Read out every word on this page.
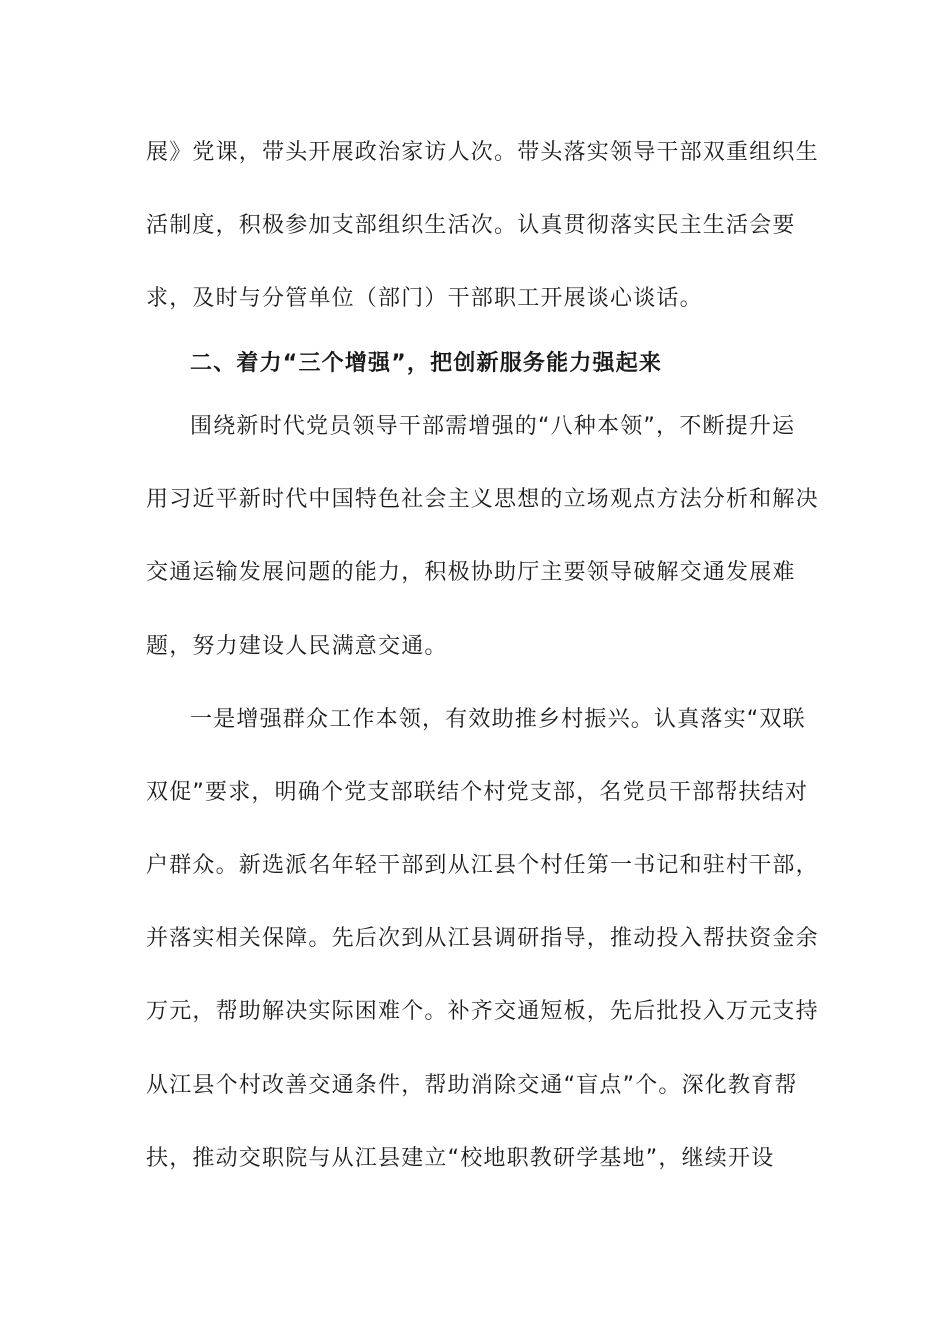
展》党课，带头开展政治家访人次。带头落实领导干部双重组织生
活制度，积极参加支部组织生活次。认真贯彻落实民主生活会要
求，及时与分管单位（部门）干部职工开展谈心谈话。
二、着力“三个增强”，把创新服务能力强起来
围绕新时代党员领导干部需增强的“八种本领”，不断提升运
用习近平新时代中国特色社会主义思想的立场观点方法分析和解决
交通运输发展问题的能力，积极协助厅主要领导破解交通发展难
题，努力建设人民满意交通。
一是增强群众工作本领，有效助推乡村振兴。认真落实“双联
双促”要求，明确个党支部联结个村党支部，名党员干部帮扶结对
户群众。新选派名年轻干部到从江县个村任第一书记和驻村干部，
并落实相关保障。先后次到从江县调研指导，推动投入帮扶资金余
万元，帮助解决实际困难个。补齐交通短板，先后批投入万元支持
从江县个村改善交通条件，帮助消除交通“盲点”个。深化教育帮
扶，推动交职院与从江县建立“校地职教研学基地”，继续开设
